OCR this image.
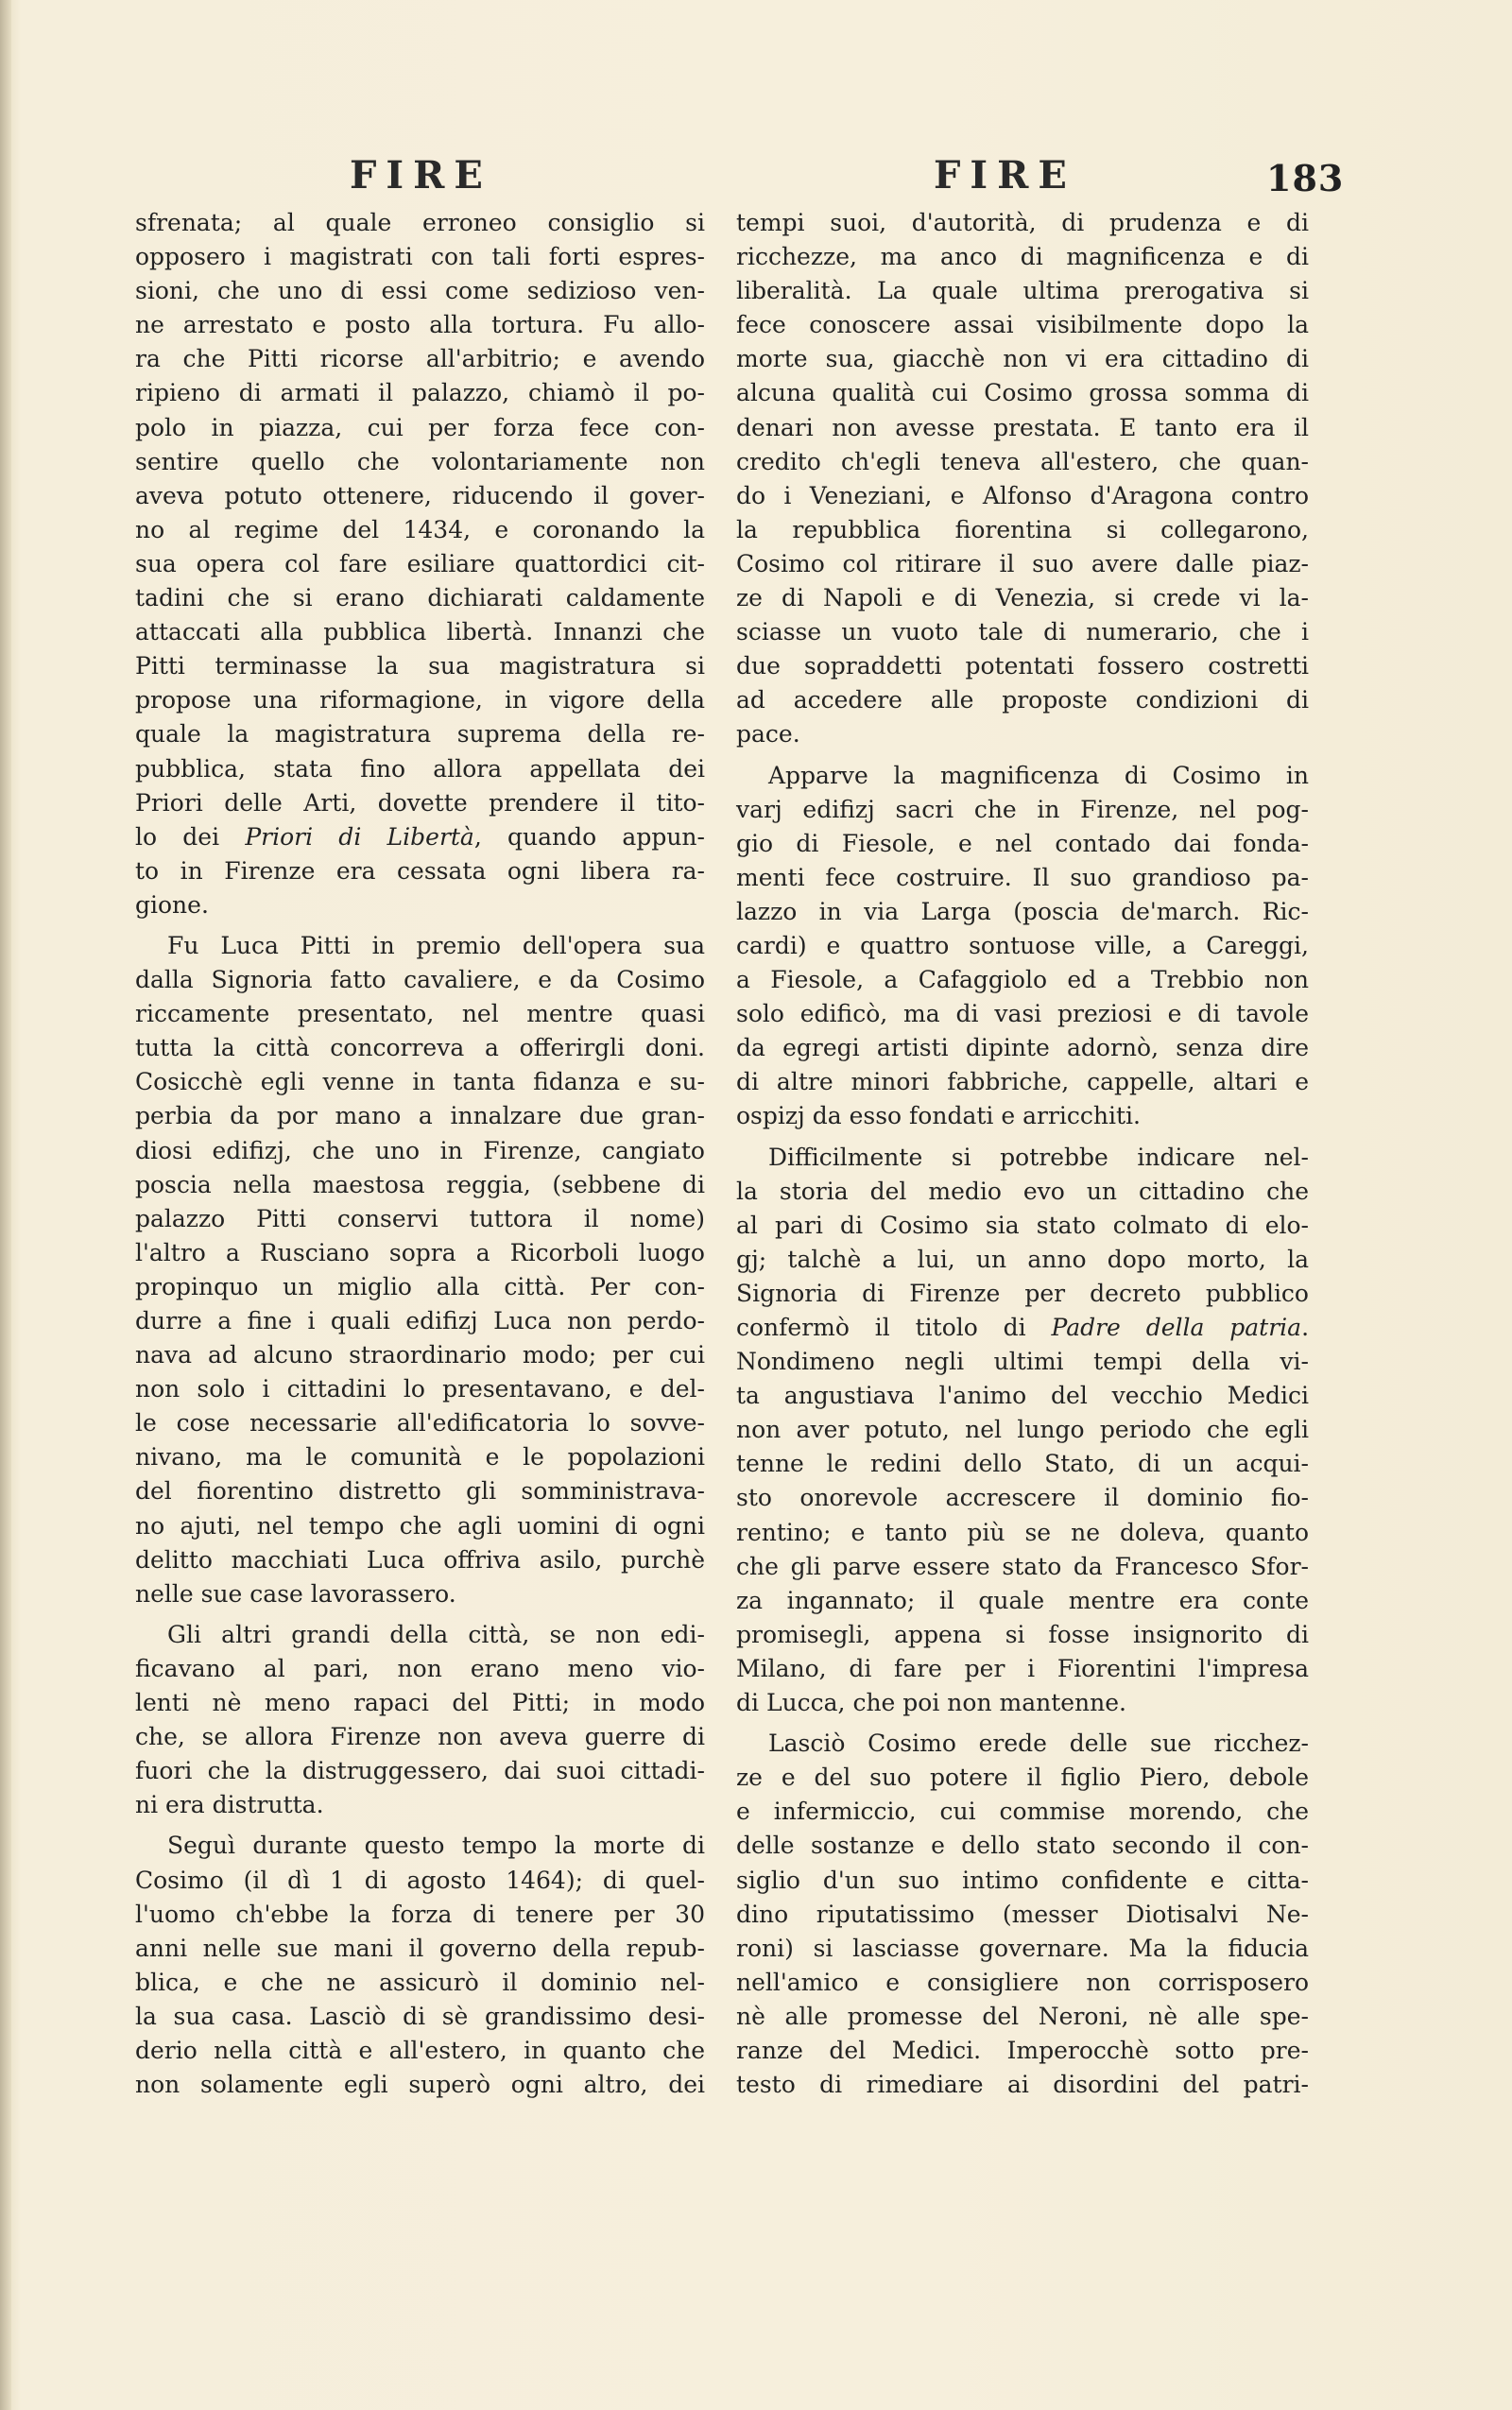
FIRE	FIRE	183
sfrenata; al quale erroneo consiglio si
opposero i magistrati con tali forti espres-
sioni, che uno di essi come sedizioso ven-
ne arrestato e posto alla tortura. Fu allo-
ra che Pitti ricorse all'arbitrio; e avendo
ripieno di armati il palazzo, chiamò il po-
polo in piazza, cui per forza fece con-
sentire quello che volontariamente non
aveva potuto ottenere, riducendo il gover-
no al regime del 1434, e coronando la
sua opera col fare esiliare quattordici cit-
tadini che si erano dichiarati caldamente
attaccati alla pubblica libertà. Innanzi che
Pitti terminasse la sua magistratura si
propose una riformagione, in vigore della
quale la magistratura suprema della re-
pubblica, stata fino allora appellata dei
Priori delle Arti, dovette prendere il tito-
lo dei Priori di Libertà, quando appun-
to in Firenze era cessata ogni libera ra-
gione.
Fu Luca Pitti in premio dell'opera sua
dalla Signoria fatto cavaliere, e da Cosimo
riccamente presentato, nel mentre quasi
tutta la città concorreva a offerirgli doni.
Cosicchè egli venne in tanta fidanza e su-
perbia da por mano a innalzare due gran-
diosi edifizj, che uno in Firenze, cangiato
poscia nella maestosa reggia, (sebbene di
palazzo Pitti conservi tuttora il nome)
l'altro a Rusciano sopra a Ricorboli luogo
propinquo un miglio alla città. Per con-
durre a fine i quali edifizj Luca non perdo-
nava ad alcuno straordinario modo; per cui
non solo i cittadini lo presentavano, e del-
le cose necessarie all'edificatoria lo sovve-
nivano, ma le comunità e le popolazioni
del fiorentino distretto gli somministrava-
no ajuti, nel tempo che agli uomini di ogni
delitto macchiati Luca offriva asilo, purchè
nelle sue case lavorassero.
Gli altri grandi della città, se non edi-
ficavano al pari, non erano meno vio-
lenti nè meno rapaci del Pitti; in modo
che, se allora Firenze non aveva guerre di
fuori che la distruggessero, dai suoi cittadi-
ni era distrutta.
Seguì durante questo tempo la morte di
Cosimo (il dì 1 di agosto 1464); di quel-
l'uomo ch'ebbe la forza di tenere per 30
anni nelle sue mani il governo della repub-
blica, e che ne assicurò il dominio nel-
la sua casa. Lasciò di sè grandissimo desi-
derio nella città e all'estero, in quanto che
non solamente egli superò ogni altro, dei
tempi suoi, d'autorità, di prudenza e di
ricchezze, ma anco di magnificenza e di
liberalità. La quale ultima prerogativa si
fece conoscere assai visibilmente dopo la
morte sua, giacchè non vi era cittadino di
alcuna qualità cui Cosimo grossa somma di
denari non avesse prestata. E tanto era il
credito ch'egli teneva all'estero, che quan-
do i Veneziani, e Alfonso d'Aragona contro
la repubblica fiorentina si collegarono,
Cosimo col ritirare il suo avere dalle piaz-
ze di Napoli e di Venezia, si crede vi la-
sciasse un vuoto tale di numerario, che i
due sopraddetti potentati fossero costretti
ad accedere alle proposte condizioni di
pace.
Apparve la magnificenza di Cosimo in
varj edifizj sacri che in Firenze, nel pog-
gio di Fiesole, e nel contado dai fonda-
menti fece costruire. Il suo grandioso pa-
lazzo in via Larga (poscia de'march. Ric-
cardi) e quattro sontuose ville, a Careggi,
a Fiesole, a Cafaggiolo ed a Trebbio non
solo edificò, ma di vasi preziosi e di tavole
da egregi artisti dipinte adornò, senza dire
di altre minori fabbriche, cappelle, altari e
ospizj da esso fondati e arricchiti.
Difficilmente si potrebbe indicare nel-
la storia del medio evo un cittadino che
al pari di Cosimo sia stato colmato di elo-
gj; talchè a lui, un anno dopo morto, la
Signoria di Firenze per decreto pubblico
confermò il titolo di Padre della patria.
Nondimeno negli ultimi tempi della vi-
ta angustiava l'animo del vecchio Medici
non aver potuto, nel lungo periodo che egli
tenne le redini dello Stato, di un acqui-
sto onorevole accrescere il dominio fio-
rentino; e tanto più se ne doleva, quanto
che gli parve essere stato da Francesco Sfor-
za ingannato; il quale mentre era conte
promisegli, appena si fosse insignorito di
Milano, di fare per i Fiorentini l'impresa
di Lucca, che poi non mantenne.
Lasciò Cosimo erede delle sue ricchez-
ze e del suo potere il figlio Piero, debole
e infermiccio, cui commise morendo, che
delle sostanze e dello stato secondo il con-
siglio d'un suo intimo confidente e citta-
dino riputatissimo (messer Diotisalvi Ne-
roni) si lasciasse governare. Ma la fiducia
nell'amico e consigliere non corrisposero
nè alle promesse del Neroni, nè alle spe-
ranze del Medici. Imperocchè sotto pre-
testo di rimediare ai disordini del patri-
